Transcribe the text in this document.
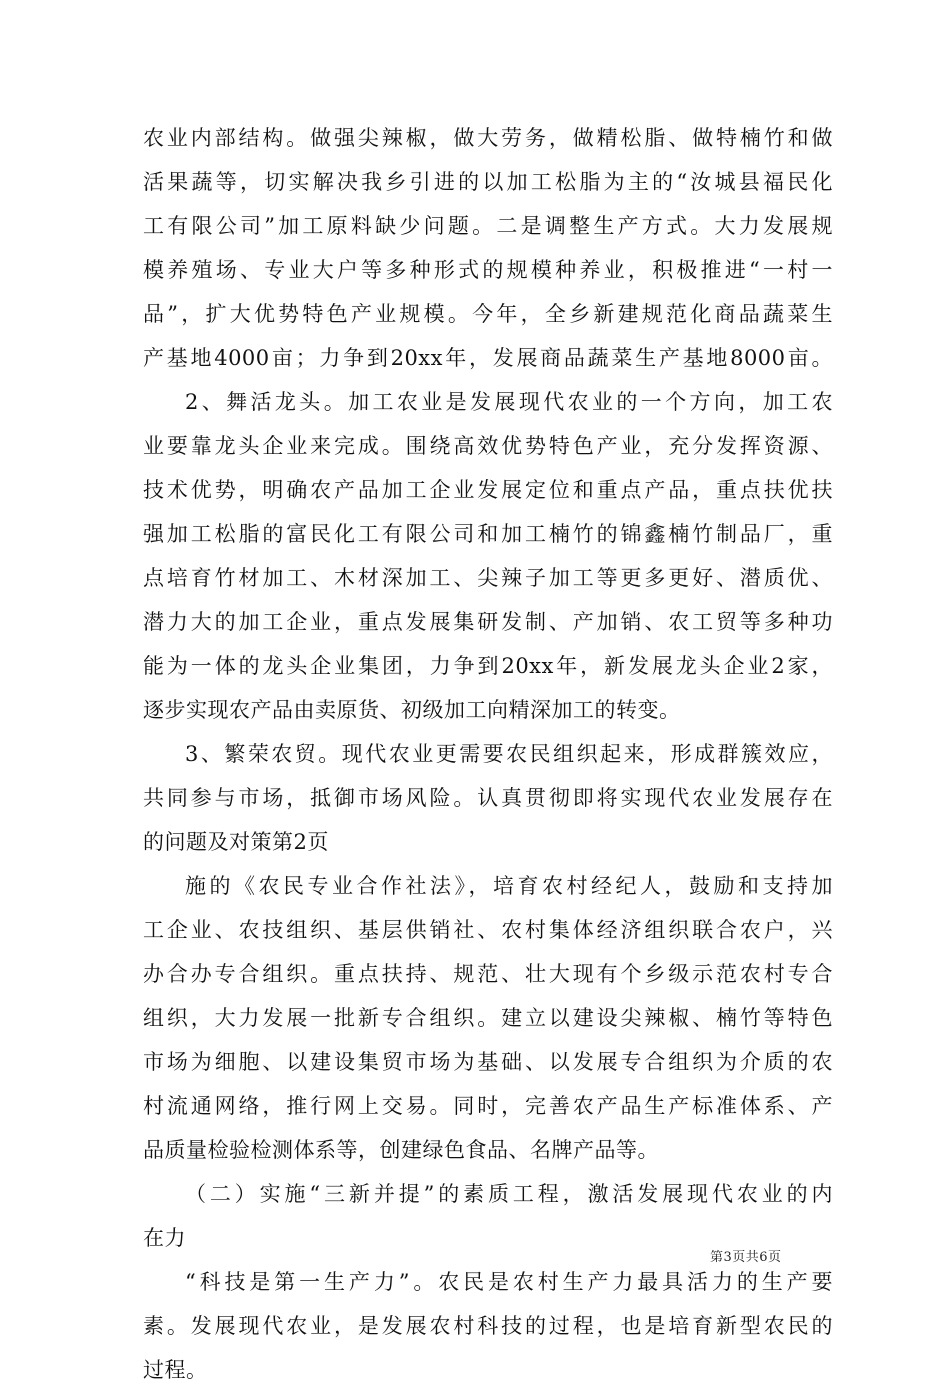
农业内部结构。做强尖辣椒，做大劳务，做精松脂、做特楠竹和做
活果蔬等，切实解决我乡引进的以加工松脂为主的“汝城县福民化
工有限公司”加工原料缺少问题。二是调整生产方式。大力发展规
模养殖场、专业大户等多种形式的规模种养业，积极推进“一村一
品”，扩大优势特色产业规模。今年，全乡新建规范化商品蔬菜生
产基地4000亩；力争到20xx年，发展商品蔬菜生产基地8000亩。
2、舞活龙头。加工农业是发展现代农业的一个方向，加工农
业要靠龙头企业来完成。围绕高效优势特色产业，充分发挥资源、
技术优势，明确农产品加工企业发展定位和重点产品，重点扶优扶
强加工松脂的富民化工有限公司和加工楠竹的锦鑫楠竹制品厂，重
点培育竹材加工、木材深加工、尖辣子加工等更多更好、潜质优、
潜力大的加工企业，重点发展集研发制、产加销、农工贸等多种功
能为一体的龙头企业集团，力争到20xx年，新发展龙头企业2家，
逐步实现农产品由卖原货、初级加工向精深加工的转变。
3、繁荣农贸。现代农业更需要农民组织起来，形成群簇效应，
共同参与市场，抵御市场风险。认真贯彻即将实现代农业发展存在
的问题及对策第2页
施的《农民专业合作社法》，培育农村经纪人，鼓励和支持加
工企业、农技组织、基层供销社、农村集体经济组织联合农户，兴
办合办专合组织。重点扶持、规范、壮大现有个乡级示范农村专合
组织，大力发展一批新专合组织。建立以建设尖辣椒、楠竹等特色
市场为细胞、以建设集贸市场为基础、以发展专合组织为介质的农
村流通网络，推行网上交易。同时，完善农产品生产标准体系、产
品质量检验检测体系等，创建绿色食品、名牌产品等。
（二）实施“三新并提”的素质工程，激活发展现代农业的内
在力
“科技是第一生产力”。农民是农村生产力最具活力的生产要
素。发展现代农业，是发展农村科技的过程，也是培育新型农民的
过程。
第3页共6页
